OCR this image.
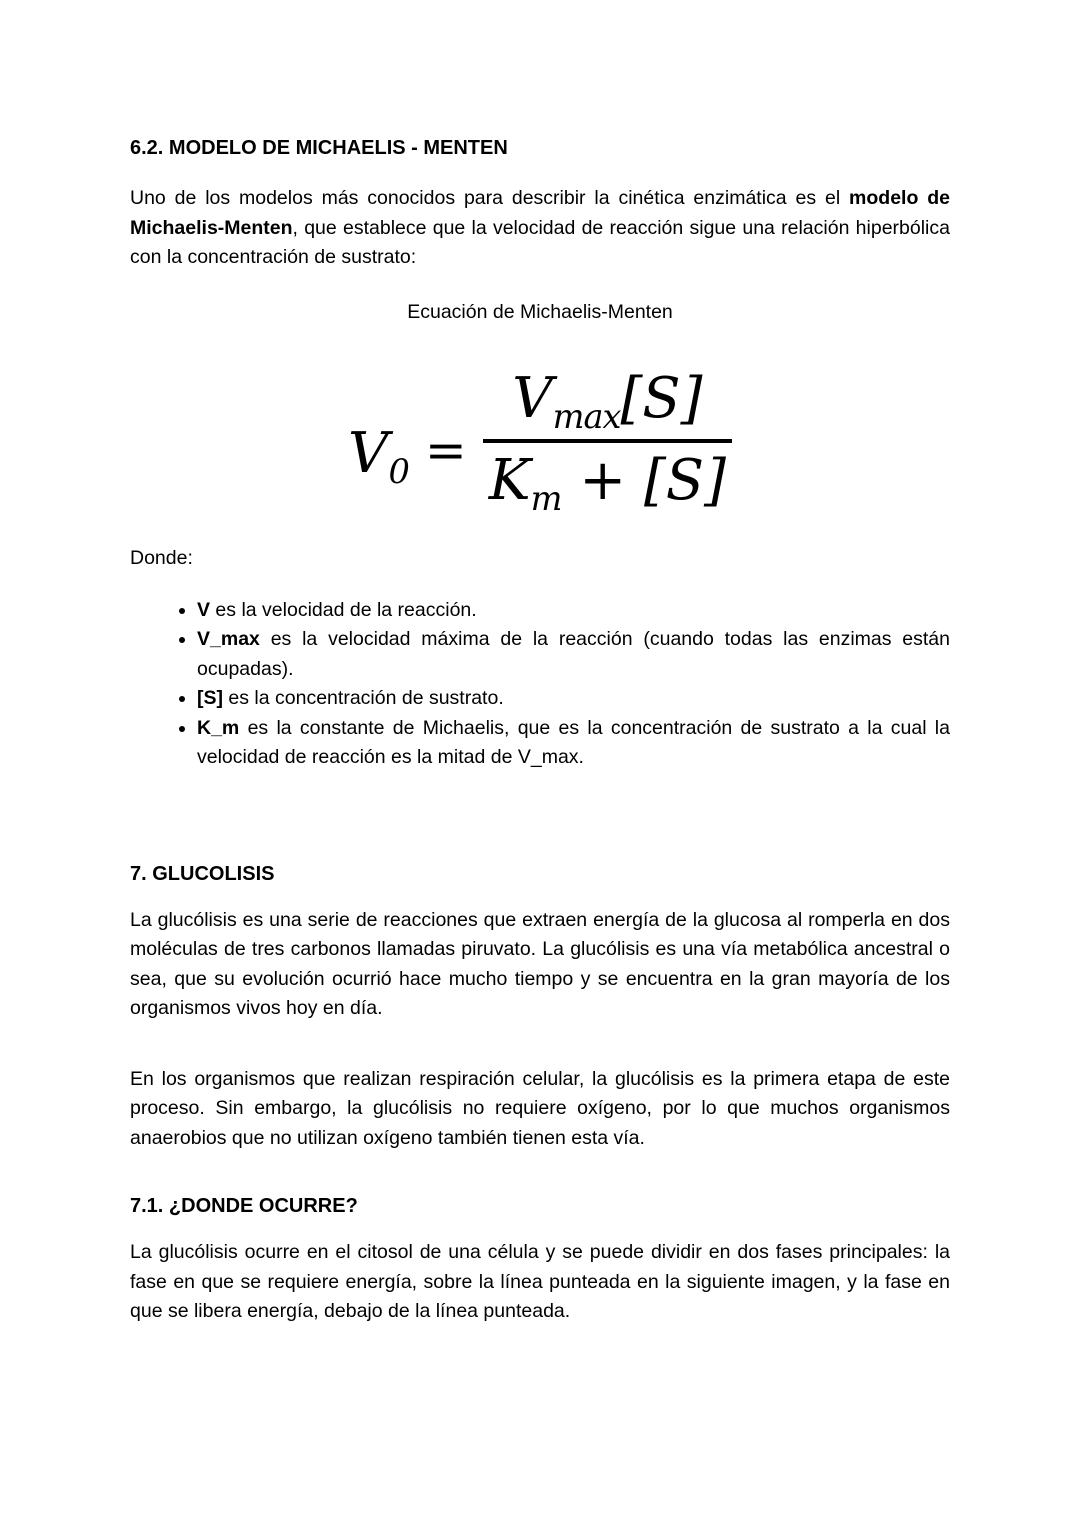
6.2. MODELO DE MICHAELIS - MENTEN

Uno de los modelos más conocidos para describir la cinética enzimática es el modelo de Michaelis-Menten, que establece que la velocidad de reacción sigue una relación hiperbólica con la concentración de sustrato:

Ecuación de Michaelis-Menten
$V_0 = \frac{V_{max}[S]}{K_m + [S]}$

Donde:

• V es la velocidad de la reacción.
• V_max es la velocidad máxima de la reacción (cuando todas las enzimas están ocupadas).
• [S] es la concentración de sustrato.
• K_m es la constante de Michaelis, que es la concentración de sustrato a la cual la velocidad de reacción es la mitad de V_max.
7. GLUCOLISIS

La glucólisis es una serie de reacciones que extraen energía de la glucosa al romperla en dos moléculas de tres carbonos llamadas piruvato. La glucólisis es una vía metabólica ancestral o sea, que su evolución ocurrió hace mucho tiempo y se encuentra en la gran mayoría de los organismos vivos hoy en día.

En los organismos que realizan respiración celular, la glucólisis es la primera etapa de este proceso. Sin embargo, la glucólisis no requiere oxígeno, por lo que muchos organismos anaerobios que no utilizan oxígeno también tienen esta vía.

7.1. ¿DONDE OCURRE?

La glucólisis ocurre en el citosol de una célula y se puede dividir en dos fases principales: la fase en que se requiere energía, sobre la línea punteada en la siguiente imagen, y la fase en que se libera energía, debajo de la línea punteada.
